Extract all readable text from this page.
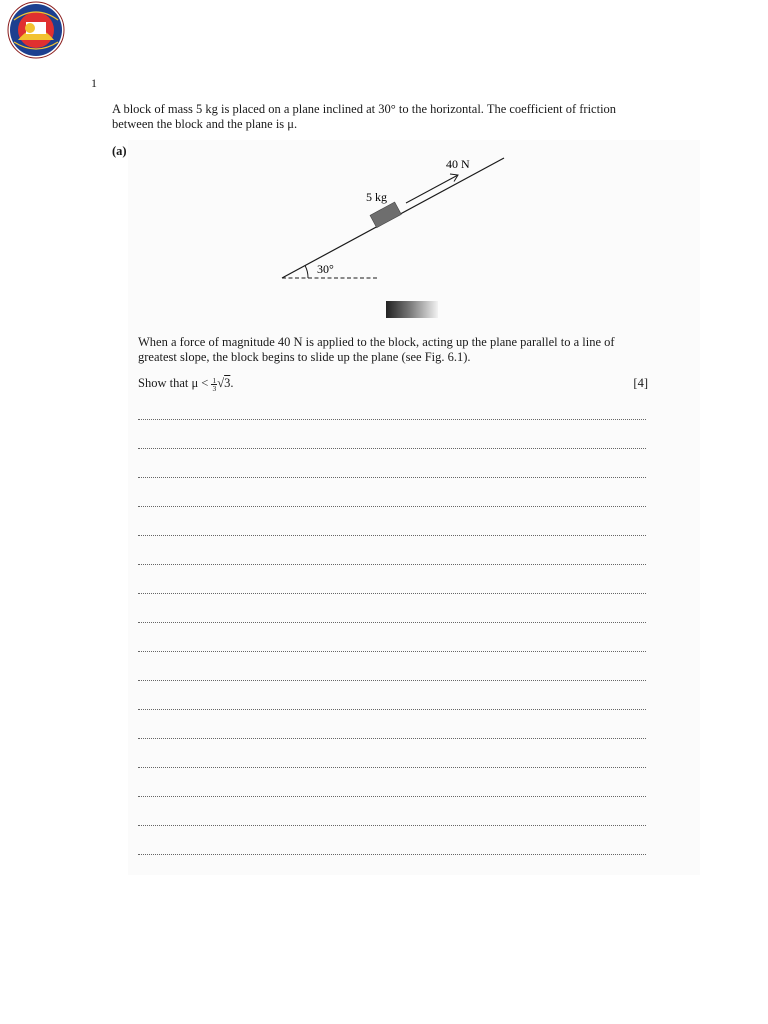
1
A block of mass 5 kg is placed on a plane inclined at 30° to the horizontal. The coefficient of friction between the block and the plane is μ.
(a)
40 N
5 kg
30°
When a force of magnitude 40 N is applied to the block, acting up the plane parallel to a line of greatest slope, the block begins to slide up the plane (see Fig. 6.1).
Show that $\mu < \frac{1}{3} √3$.	[4]
